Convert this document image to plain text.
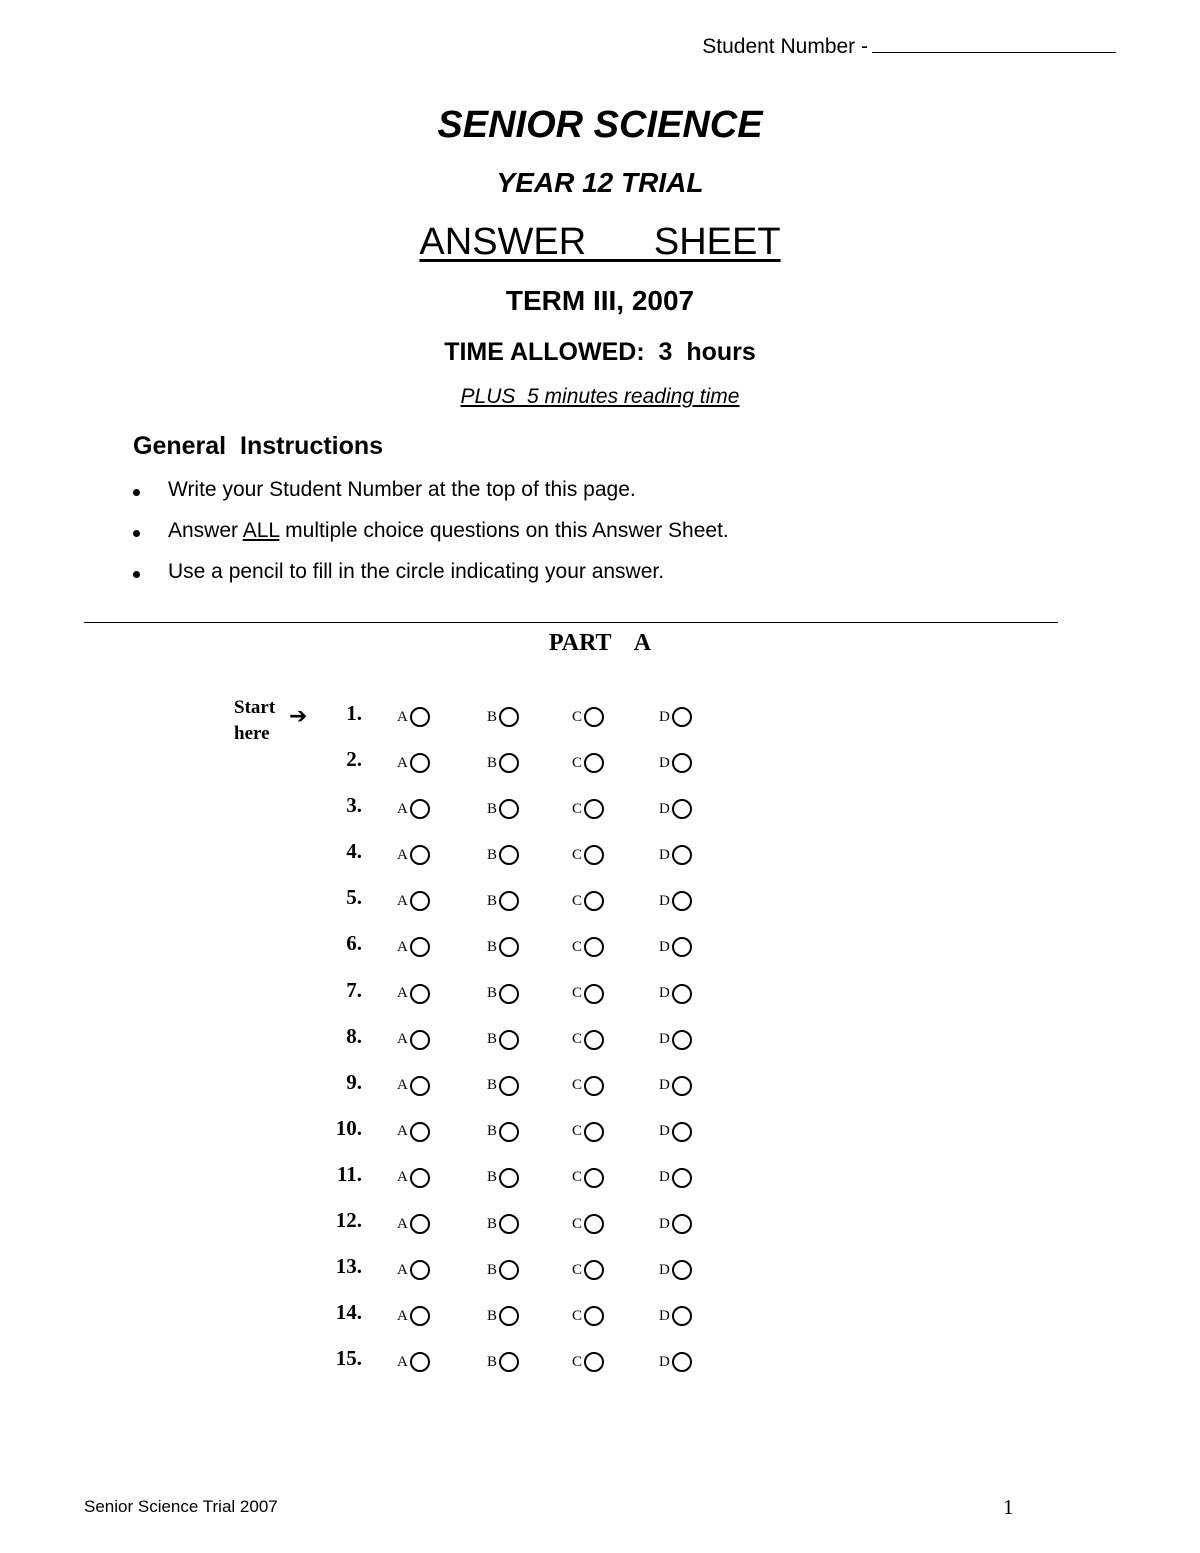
Student Number -
SENIOR SCIENCE
YEAR 12 TRIAL
ANSWER   SHEET
TERM III, 2007
TIME ALLOWED:  3  hours
PLUS  5 minutes reading time
General  Instructions
Write your Student Number at the top of this page.
Answer ALL multiple choice questions on this Answer Sheet.
Use a pencil to fill in the circle indicating your answer.
PART  A
Start
here
➔	1. A	B	C	D
2. A	B	C	D
3. A	B	C	D
4. A	B	C	D
5. A	B	C	D
6. A	B	C	D
7. A	B	C	D
8. A	B	C	D
9. A	B	C	D
10. A	B	C	D
11. A	B	C	D
12. A	B	C	D
13. A	B	C	D
14. A	B	C	D
15. A	B	C	D
Senior Science Trial 2007	1
